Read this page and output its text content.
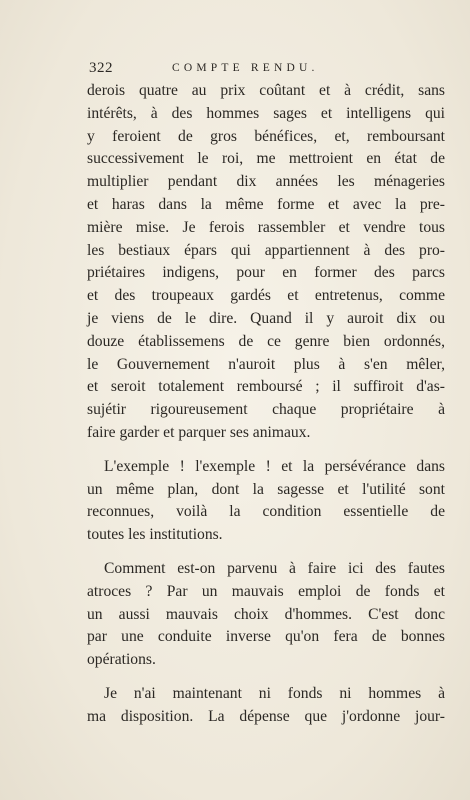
322	COMPTE RENDU.
derois quatre au prix coûtant et à crédit, sans
intérêts, à des hommes sages et intelligens qui
y feroient de gros bénéfices, et, remboursant
successivement le roi, me mettroient en état de
multiplier pendant dix années les ménageries
et haras dans la même forme et avec la pre-
mière mise. Je ferois rassembler et vendre tous
les bestiaux épars qui appartiennent à des pro-
priétaires indigens, pour en former des parcs
et des troupeaux gardés et entretenus, comme
je viens de le dire. Quand il y auroit dix ou
douze établissemens de ce genre bien ordonnés,
le Gouvernement n'auroit plus à s'en mêler,
et seroit totalement remboursé ; il suffiroit d'as-
sujétir rigoureusement chaque propriétaire à
faire garder et parquer ses animaux.
L'exemple ! l'exemple ! et la persévérance dans
un même plan, dont la sagesse et l'utilité sont
reconnues, voilà la condition essentielle de
toutes les institutions.
Comment est-on parvenu à faire ici des fautes
atroces ? Par un mauvais emploi de fonds et
un aussi mauvais choix d'hommes. C'est donc
par une conduite inverse qu'on fera de bonnes
opérations.
Je n'ai maintenant ni fonds ni hommes à
ma disposition. La dépense que j'ordonne jour-
